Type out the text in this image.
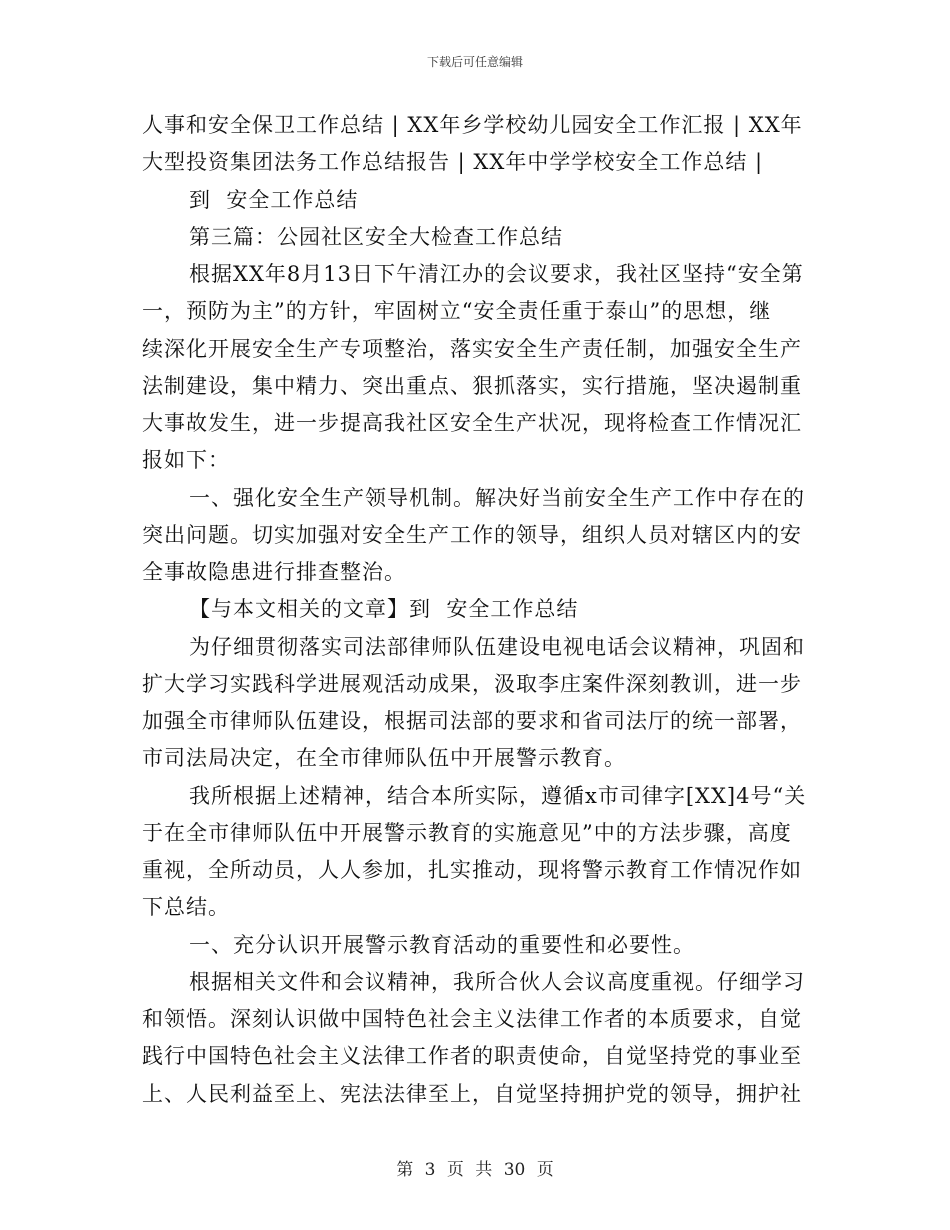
下载后可任意编辑
人事和安全保卫工作总结 | XX年乡学校幼儿园安全工作汇报 | XX年
大型投资集团法务工作总结报告 | XX年中学学校安全工作总结 |
到  安全工作总结
第三篇：公园社区安全大检查工作总结
根据XX年8月13日下午清江办的会议要求，我社区坚持“安全第
一，预防为主”的方针，牢固树立“安全责任重于泰山”的思想，继
续深化开展安全生产专项整治，落实安全生产责任制，加强安全生产
法制建设，集中精力、突出重点、狠抓落实，实行措施，坚决遏制重
大事故发生，进一步提高我社区安全生产状况，现将检查工作情况汇
报如下：
一、强化安全生产领导机制。解决好当前安全生产工作中存在的
突出问题。切实加强对安全生产工作的领导，组织人员对辖区内的安
全事故隐患进行排查整治。
【与本文相关的文章】到  安全工作总结
为仔细贯彻落实司法部律师队伍建设电视电话会议精神，巩固和
扩大学习实践科学进展观活动成果，汲取李庄案件深刻教训，进一步
加强全市律师队伍建设，根据司法部的要求和省司法厅的统一部署，
市司法局决定，在全市律师队伍中开展警示教育。
我所根据上述精神，结合本所实际，遵循x市司律字[XX]4号“关
于在全市律师队伍中开展警示教育的实施意见”中的方法步骤，高度
重视，全所动员，人人参加，扎实推动，现将警示教育工作情况作如
下总结。
一、充分认识开展警示教育活动的重要性和必要性。
根据相关文件和会议精神，我所合伙人会议高度重视。仔细学习
和领悟。深刻认识做中国特色社会主义法律工作者的本质要求，自觉
践行中国特色社会主义法律工作者的职责使命，自觉坚持党的事业至
上、人民利益至上、宪法法律至上，自觉坚持拥护党的领导，拥护社
第 3 页 共 30 页
